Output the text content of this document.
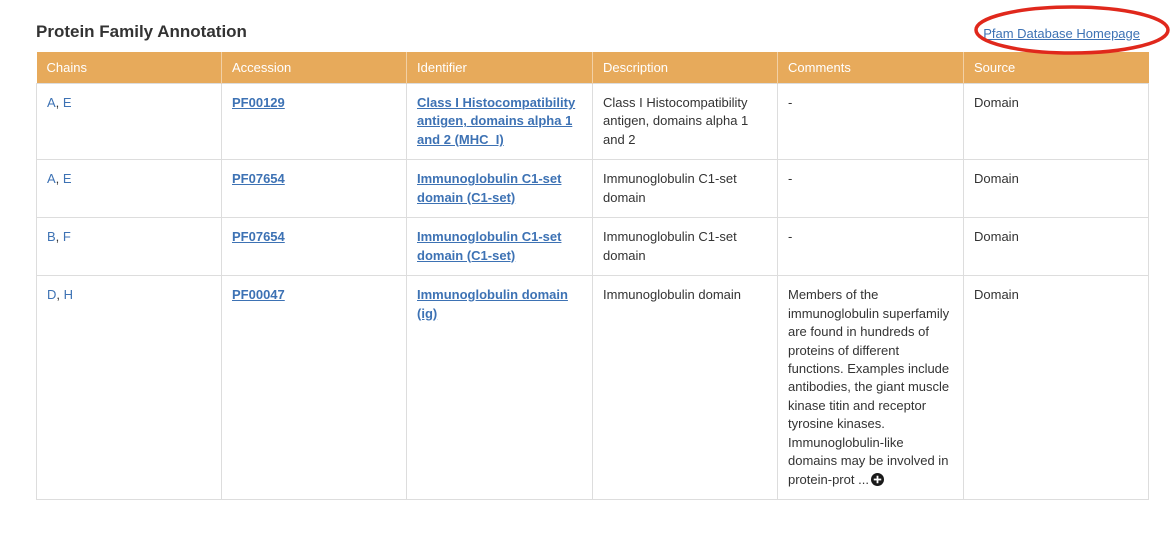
Protein Family Annotation	Pfam Database Homepage
Chains	Accession	Identifier	Description	Comments	Source
A, E	PF00129	Class I Histocompatibility antigen, domains alpha 1 and 2 (MHC_I)	Class I Histocompatibility antigen, domains alpha 1 and 2	-	Domain
A, E	PF07654	Immunoglobulin C1-set domain (C1-set)	Immunoglobulin C1-set domain	-	Domain
B, F	PF07654	Immunoglobulin C1-set domain (C1-set)	Immunoglobulin C1-set domain	-	Domain
D, H	PF00047	Immunoglobulin domain (ig)	Immunoglobulin domain	Members of the immunoglobulin superfamily are found in hundreds of proteins of different functions. Examples include antibodies, the giant muscle kinase titin and receptor tyrosine kinases. Immunoglobulin-like domains may be involved in protein-prot ...	Domain
